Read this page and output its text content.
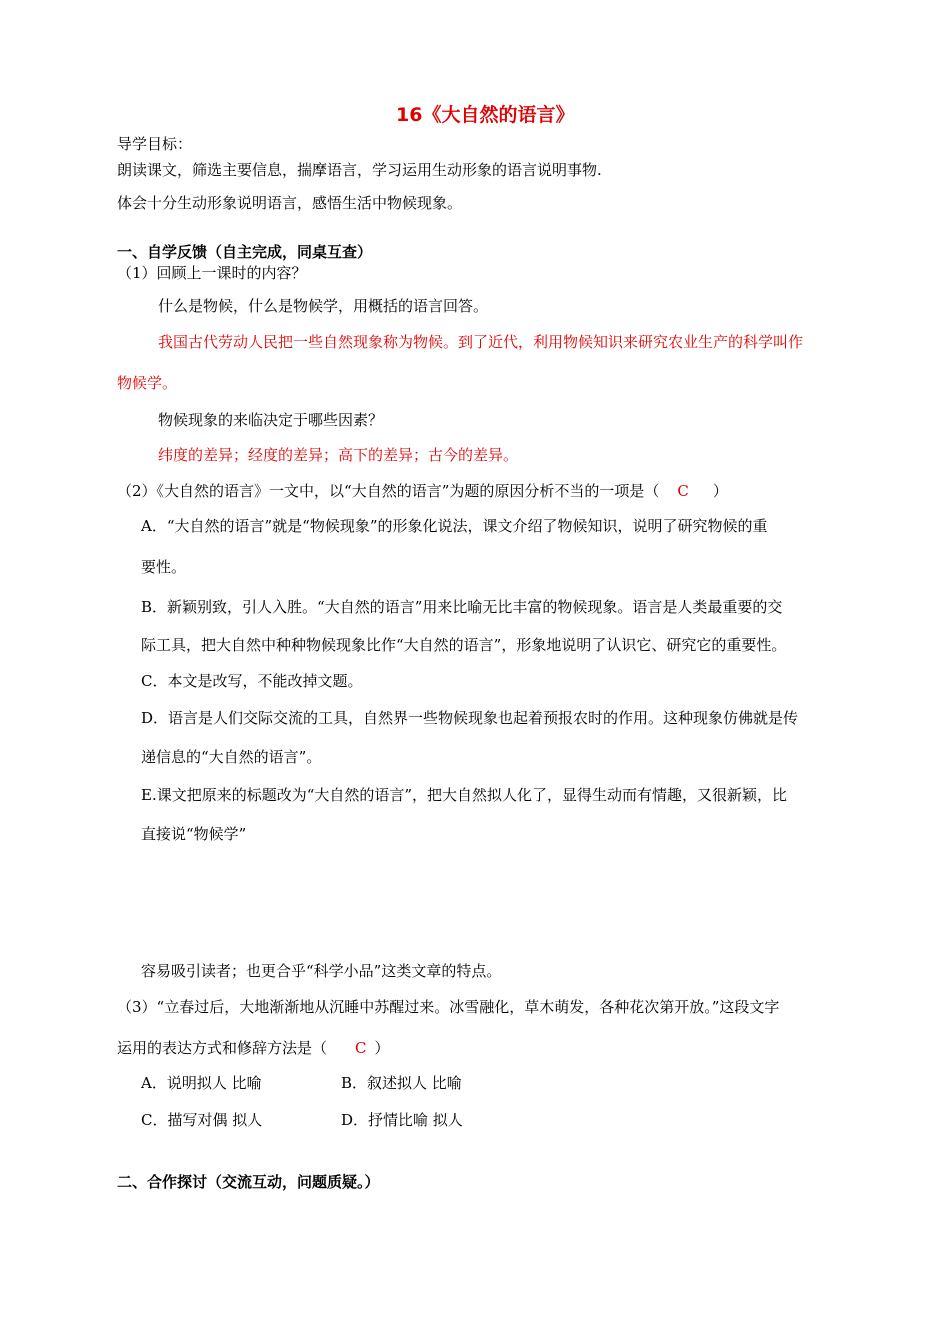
16《大自然的语言》
导学目标：
朗读课文，筛选主要信息，揣摩语言，学习运用生动形象的语言说明事物.
体会十分生动形象说明语言，感悟生活中物候现象。
一、自学反馈（自主完成，同桌互查）
（1）回顾上一课时的内容？
什么是物候，什么是物候学，用概括的语言回答。
我国古代劳动人民把一些自然现象称为物候。到了近代，利用物候知识来研究农业生产的科学叫作
物候学。
物候现象的来临决定于哪些因素？
纬度的差异；经度的差异；高下的差异；古今的差异。
（2）《大自然的语言》一文中，以“大自然的语言”为题的原因分析不当的一项是（ C ）
A．“大自然的语言”就是“物候现象”的形象化说法，课文介绍了物候知识，说明了研究物候的重
要性。
B．新颖别致，引人入胜。“大自然的语言”用来比喻无比丰富的物候现象。语言是人类最重要的交
际工具，把大自然中种种物候现象比作“大自然的语言”，形象地说明了认识它、研究它的重要性。
C．本文是改写，不能改掉文题。
D．语言是人们交际交流的工具，自然界一些物候现象也起着预报农时的作用。这种现象仿佛就是传
递信息的“大自然的语言”。
E.课文把原来的标题改为“大自然的语言”，把大自然拟人化了，显得生动而有情趣，又很新颖，比
直接说“物候学”
容易吸引读者；也更合乎“科学小品”这类文章的特点。
（3）“立春过后，大地渐渐地从沉睡中苏醒过来。冰雪融化，草木萌发，各种花次第开放。”这段文字
运用的表达方式和修辞方法是（ C ）
A．说明拟人 比喻	B．叙述拟人 比喻
C．描写对偶 拟人	D．抒情比喻 拟人
二、合作探讨（交流互动，问题质疑。）
